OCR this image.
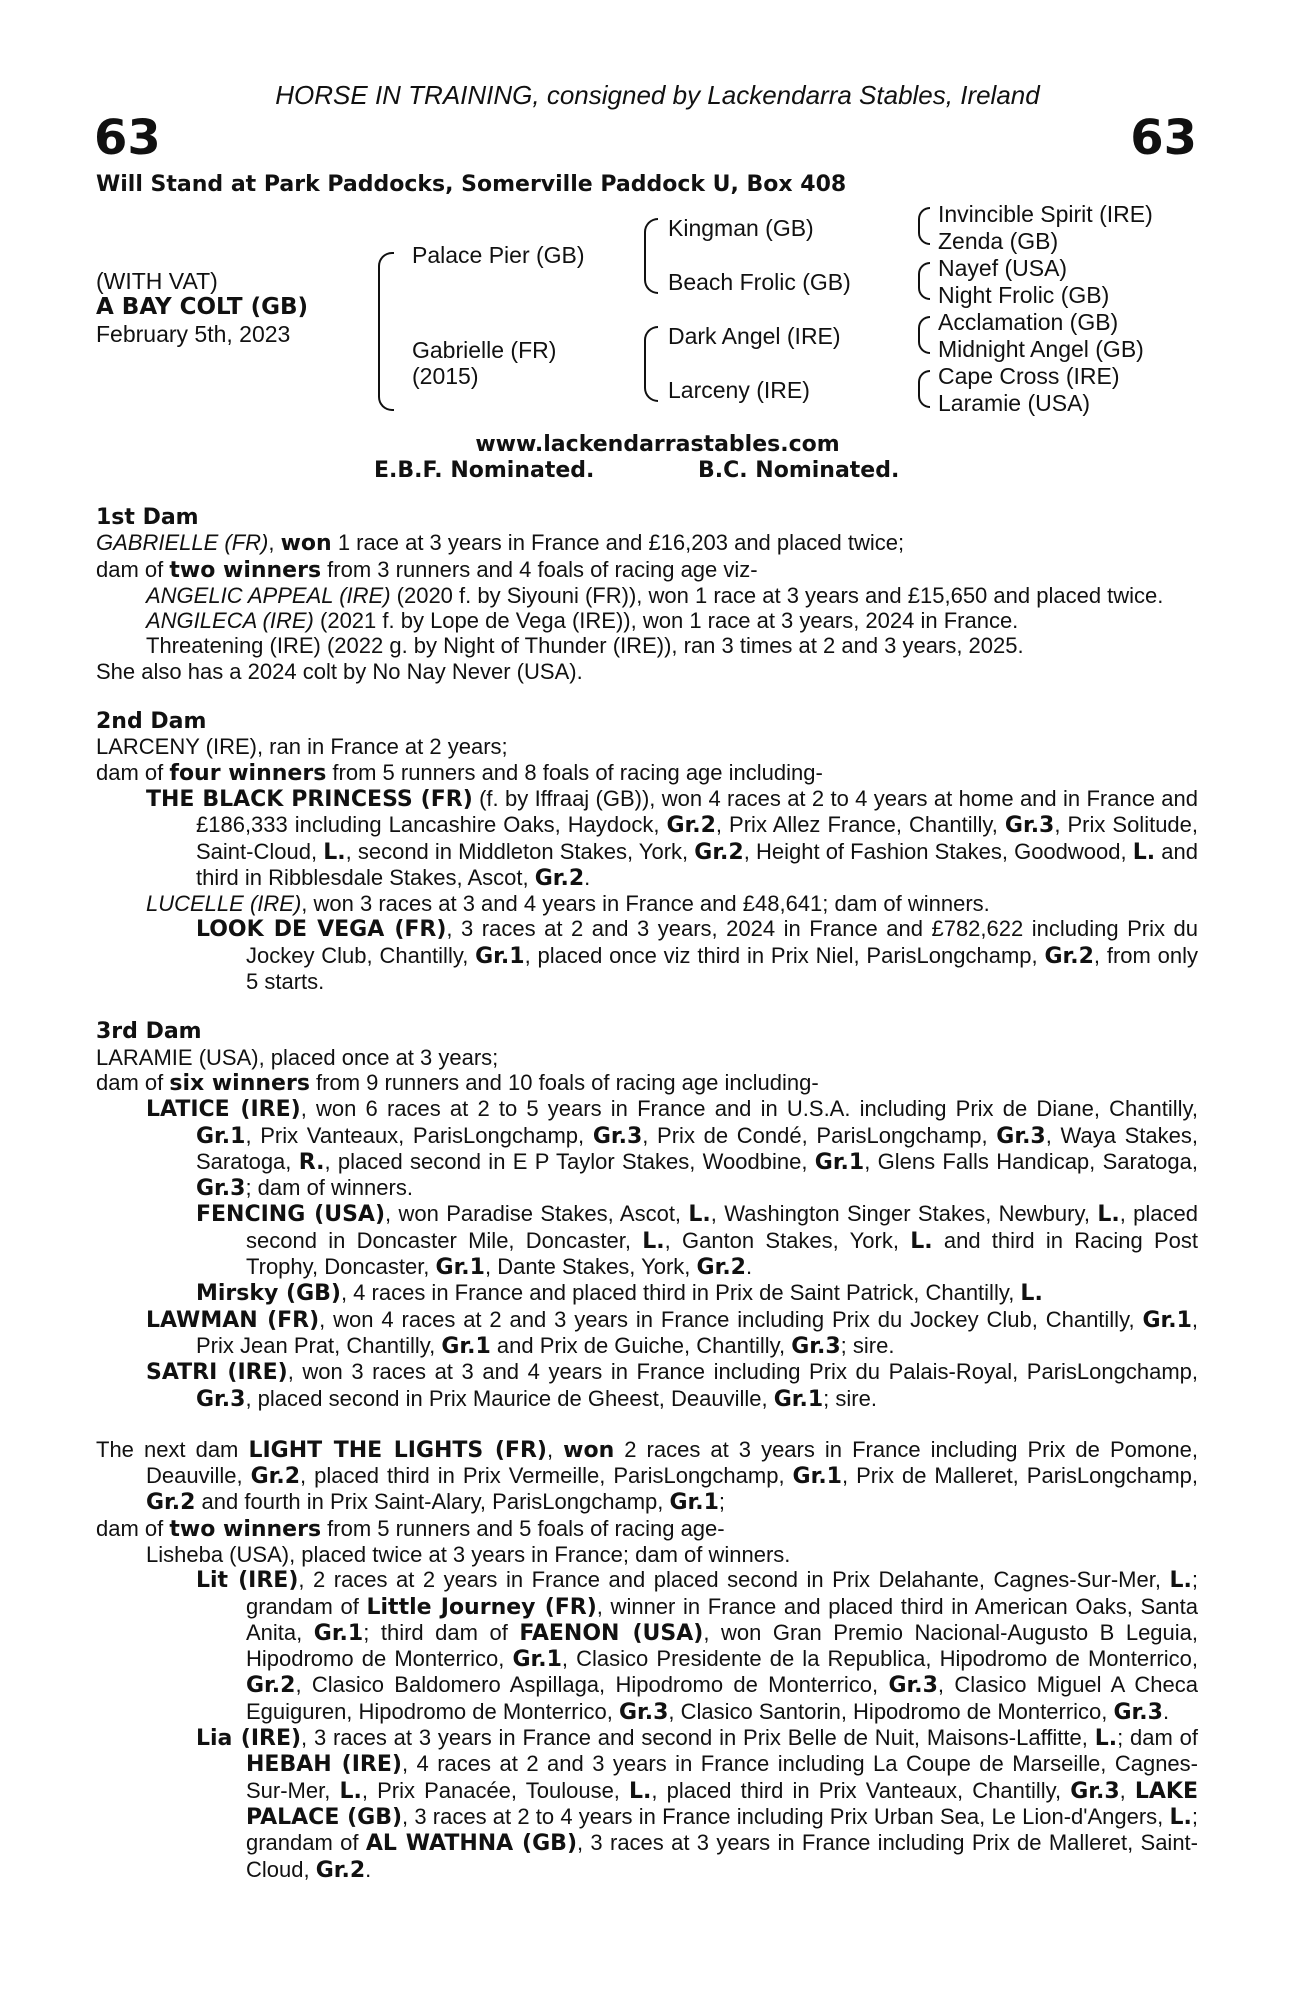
HORSE IN TRAINING, consigned by Lackendarra Stables, Ireland
63	63
Will Stand at Park Paddocks, Somerville Paddock U, Box 408
(WITH VAT)
A BAY COLT (GB)
February 5th, 2023
Palace Pier (GB)
Gabrielle (FR)
(2015)
Kingman (GB)
Beach Frolic (GB)
Dark Angel (IRE)
Larceny (IRE)
Invincible Spirit (IRE)
Zenda (GB)
Nayef (USA)
Night Frolic (GB)
Acclamation (GB)
Midnight Angel (GB)
Cape Cross (IRE)
Laramie (USA)
www.lackendarrastables.com
E.B.F. Nominated.	B.C. Nominated.

1st Dam

GABRIELLE (FR), won 1 race at 3 years in France and £16,203 and placed twice;

dam of two winners from 3 runners and 4 foals of racing age viz-

ANGELIC APPEAL (IRE) (2020 f. by Siyouni (FR)), won 1 race at 3 years and £15,650 and placed twice.

ANGILECA (IRE) (2021 f. by Lope de Vega (IRE)), won 1 race at 3 years, 2024 in France.

Threatening (IRE) (2022 g. by Night of Thunder (IRE)), ran 3 times at 2 and 3 years, 2025.

She also has a 2024 colt by No Nay Never (USA).

2nd Dam

LARCENY (IRE), ran in France at 2 years;

dam of four winners from 5 runners and 8 foals of racing age including-

THE BLACK PRINCESS (FR) (f. by Iffraaj (GB)), won 4 races at 2 to 4 years at home and in France and £186,333 including Lancashire Oaks, Haydock, Gr.2, Prix Allez France, Chantilly, Gr.3, Prix Solitude, Saint-Cloud, L., second in Middleton Stakes, York, Gr.2, Height of Fashion Stakes, Goodwood, L. and third in Ribblesdale Stakes, Ascot, Gr.2.

LUCELLE (IRE), won 3 races at 3 and 4 years in France and £48,641; dam of winners.

LOOK DE VEGA (FR), 3 races at 2 and 3 years, 2024 in France and £782,622 including Prix du Jockey Club, Chantilly, Gr.1, placed once viz third in Prix Niel, ParisLongchamp, Gr.2, from only 5 starts.

3rd Dam

LARAMIE (USA), placed once at 3 years;

dam of six winners from 9 runners and 10 foals of racing age including-

LATICE (IRE), won 6 races at 2 to 5 years in France and in U.S.A. including Prix de Diane, Chantilly, Gr.1, Prix Vanteaux, ParisLongchamp, Gr.3, Prix de Condé, ParisLongchamp, Gr.3, Waya Stakes, Saratoga, R., placed second in E P Taylor Stakes, Woodbine, Gr.1, Glens Falls Handicap, Saratoga, Gr.3; dam of winners.

FENCING (USA), won Paradise Stakes, Ascot, L., Washington Singer Stakes, Newbury, L., placed second in Doncaster Mile, Doncaster, L., Ganton Stakes, York, L. and third in Racing Post Trophy, Doncaster, Gr.1, Dante Stakes, York, Gr.2.

Mirsky (GB), 4 races in France and placed third in Prix de Saint Patrick, Chantilly, L.

LAWMAN (FR), won 4 races at 2 and 3 years in France including Prix du Jockey Club, Chantilly, Gr.1, Prix Jean Prat, Chantilly, Gr.1 and Prix de Guiche, Chantilly, Gr.3; sire.

SATRI (IRE), won 3 races at 3 and 4 years in France including Prix du Palais-Royal, ParisLongchamp, Gr.3, placed second in Prix Maurice de Gheest, Deauville, Gr.1; sire.

The next dam LIGHT THE LIGHTS (FR), won 2 races at 3 years in France including Prix de Pomone, Deauville, Gr.2, placed third in Prix Vermeille, ParisLongchamp, Gr.1, Prix de Malleret, ParisLongchamp, Gr.2 and fourth in Prix Saint-Alary, ParisLongchamp, Gr.1;

dam of two winners from 5 runners and 5 foals of racing age-

Lisheba (USA), placed twice at 3 years in France; dam of winners.

Lit (IRE), 2 races at 2 years in France and placed second in Prix Delahante, Cagnes-Sur-Mer, L.; grandam of Little Journey (FR), winner in France and placed third in American Oaks, Santa Anita, Gr.1; third dam of FAENON (USA), won Gran Premio Nacional-Augusto B Leguia, Hipodromo de Monterrico, Gr.1, Clasico Presidente de la Republica, Hipodromo de Monterrico, Gr.2, Clasico Baldomero Aspillaga, Hipodromo de Monterrico, Gr.3, Clasico Miguel A Checa Eguiguren, Hipodromo de Monterrico, Gr.3, Clasico Santorin, Hipodromo de Monterrico, Gr.3.

Lia (IRE), 3 races at 3 years in France and second in Prix Belle de Nuit, Maisons-Laffitte, L.; dam of HEBAH (IRE), 4 races at 2 and 3 years in France including La Coupe de Marseille, Cagnes-Sur-Mer, L., Prix Panacée, Toulouse, L., placed third in Prix Vanteaux, Chantilly, Gr.3, LAKE PALACE (GB), 3 races at 2 to 4 years in France including Prix Urban Sea, Le Lion-d'Angers, L.; grandam of AL WATHNA (GB), 3 races at 3 years in France including Prix de Malleret, Saint-Cloud, Gr.2.
